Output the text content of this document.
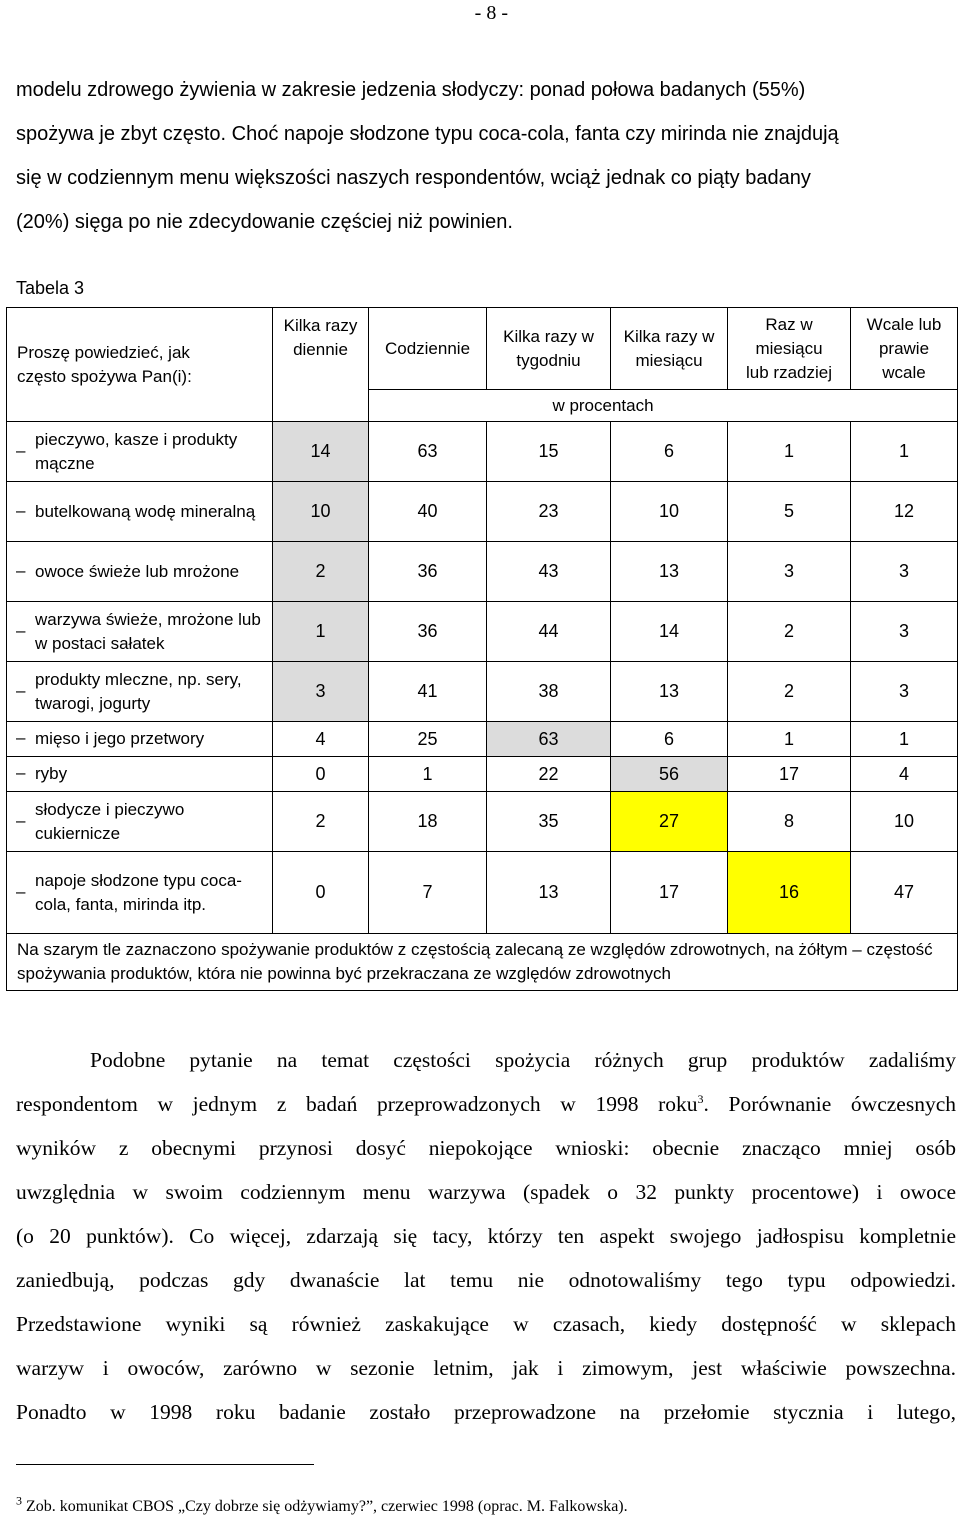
- 8 -
modelu zdrowego żywienia w zakresie jedzenia słodyczy: ponad połowa badanych (55%)
spożywa je zbyt często. Choć napoje słodzone typu coca-cola, fanta czy mirinda nie znajdują
się w codziennym menu większości naszych respondentów, wciąż jednak co piąty badany
(20%) sięga po nie zdecydowanie częściej niż powinien.
Tabela 3
Proszę powiedzieć, jak często spożywa Pan(i):	Kilka razy diennie	Codziennie	Kilka razy w tygodniu	Kilka razy w miesiącu	Raz w miesiącu lub rzadziej	Wcale lub prawie wcale
		w procentach				
– pieczywo, kasze i produkty mączne	14	63	15	6	1	1
– butelkowaną wodę mineralną	10	40	23	10	5	12
– owoce świeże lub mrożone	2	36	43	13	3	3
– warzywa świeże, mrożone lub w postaci sałatek	1	36	44	14	2	3
– produkty mleczne, np. sery, twarogi, jogurty	3	41	38	13	2	3
– mięso i jego przetwory	4	25	63	6	1	1
– ryby	0	1	22	56	17	4
– słodycze i pieczywo cukiernicze	2	18	35	27	8	10
– napoje słodzone typu coca-cola, fanta, mirinda itp.	0	7	13	17	16	47
Na szarym tle zaznaczono spożywanie produktów z częstością zalecaną ze względów zdrowotnych, na żółtym – częstość spożywania produktów, która nie powinna być przekraczana ze względów zdrowotnych						
Podobne pytanie na temat częstości spożycia różnych grup produktów zadaliśmy
respondentom w jednym z badań przeprowadzonych w 1998 roku$^3$. Porównanie ówczesnych
wyników z obecnymi przynosi dosyć niepokojące wnioski: obecnie znacząco mniej osób
uwzględnia w swoim codziennym menu warzywa (spadek o 32 punkty procentowe) i owoce
(o 20 punktów). Co więcej, zdarzają się tacy, którzy ten aspekt swojego jadłospisu kompletnie
zaniedbują, podczas gdy dwanaście lat temu nie odnotowaliśmy tego typu odpowiedzi.
Przedstawione wyniki są również zaskakujące w czasach, kiedy dostępność w sklepach
warzyw i owoców, zarówno w sezonie letnim, jak i zimowym, jest właściwie powszechna.
Ponadto w 1998 roku badanie zostało przeprowadzone na przełomie stycznia i lutego,
$^3$ Zob. komunikat CBOS „Czy dobrze się odżywiamy?”, czerwiec 1998 (oprac. M. Falkowska).
